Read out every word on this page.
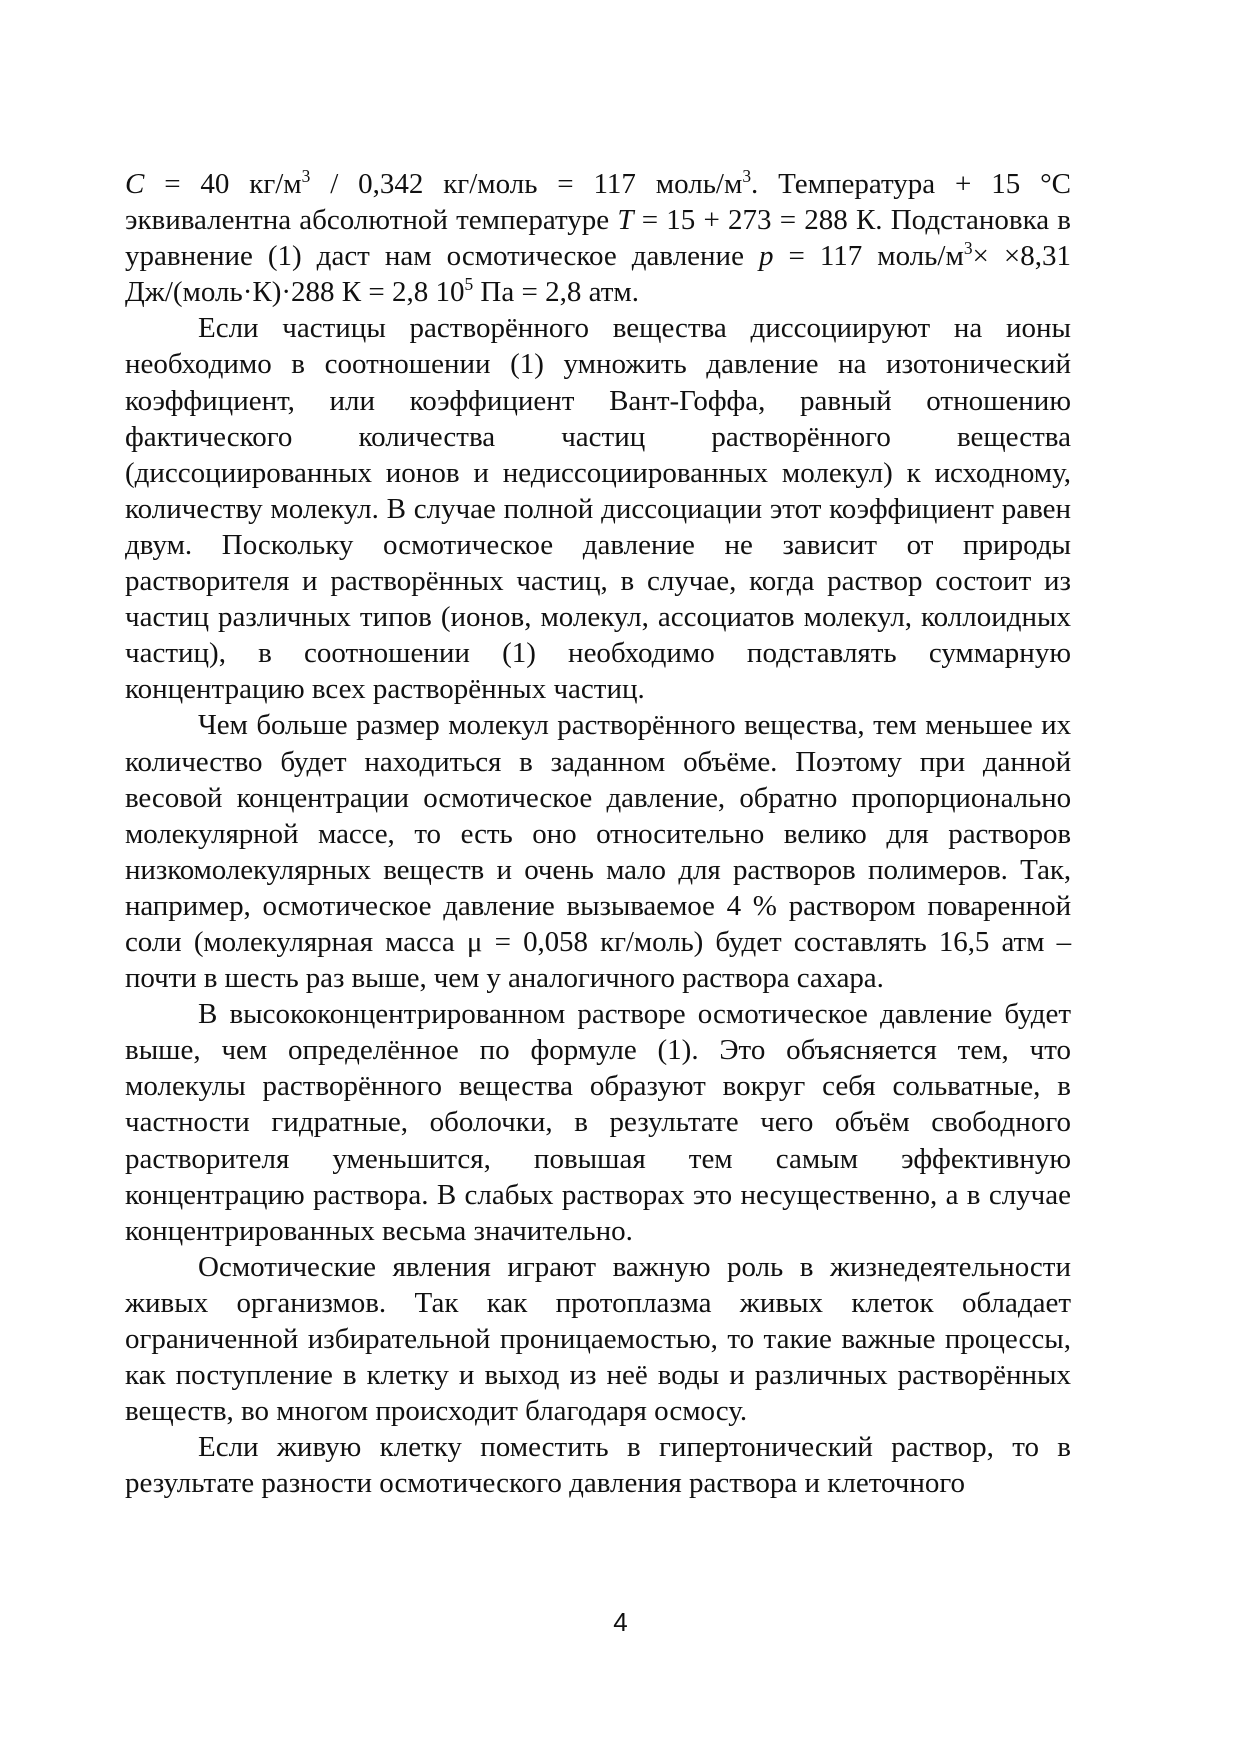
C = 40 $кг/м^3 / 0,342$ кг/моль = 117 моль/$м^3$. Температура + 15 °С эквивалентна абсолютной температуре T = 15 + 273 = 288 К. Подстановка в уравнение (1) даст нам осмотическое давление p = 117 моль/$м^3\times \times 8,31$ Дж/(моль·К)·288 К = 2,8 $10^5$ Па = 2,8 атм.

Если частицы растворённого вещества диссоциируют на ионы необходимо в соотношении (1) умножить давление на изотонический коэффициент, или коэффициент Вант-Гоффа, равный отношению фактического количества частиц растворённого вещества (диссоциированных ионов и недиссоциированных молекул) к исходному, количеству молекул. В случае полной диссоциации этот коэффициент равен двум. Поскольку осмотическое давление не зависит от природы растворителя и растворённых частиц, в случае, когда раствор состоит из частиц различных типов (ионов, молекул, ассоциатов молекул, коллоидных частиц), в соотношении (1) необходимо подставлять суммарную концентрацию всех растворённых частиц.

Чем больше размер молекул растворённого вещества, тем меньшее их количество будет находиться в заданном объёме. Поэтому при данной весовой концентрации осмотическое давление, обратно пропорционально молекулярной массе, то есть оно относительно велико для растворов низкомолекулярных веществ и очень мало для растворов полимеров. Так, например, осмотическое давление вызываемое 4 % раствором поваренной соли (молекулярная масса μ = 0,058 кг/моль) будет составлять 16,5 атм – почти в шесть раз выше, чем у аналогичного раствора сахара.

В высококонцентрированном растворе осмотическое давление будет выше, чем определённое по формуле (1). Это объясняется тем, что молекулы растворённого вещества образуют вокруг себя сольватные, в частности гидратные, оболочки, в результате чего объём свободного растворителя уменьшится, повышая тем самым эффективную концентрацию раствора. В слабых растворах это несущественно, а в случае концентрированных весьма значительно.

Осмотические явления играют важную роль в жизнедеятельности живых организмов. Так как протоплазма живых клеток обладает ограниченной избирательной проницаемостью, то такие важные процессы, как поступление в клетку и выход из неё воды и различных растворённых веществ, во многом происходит благодаря осмосу.

Если живую клетку поместить в гипертонический раствор, то в результате разности осмотического давления раствора и клеточного

4
